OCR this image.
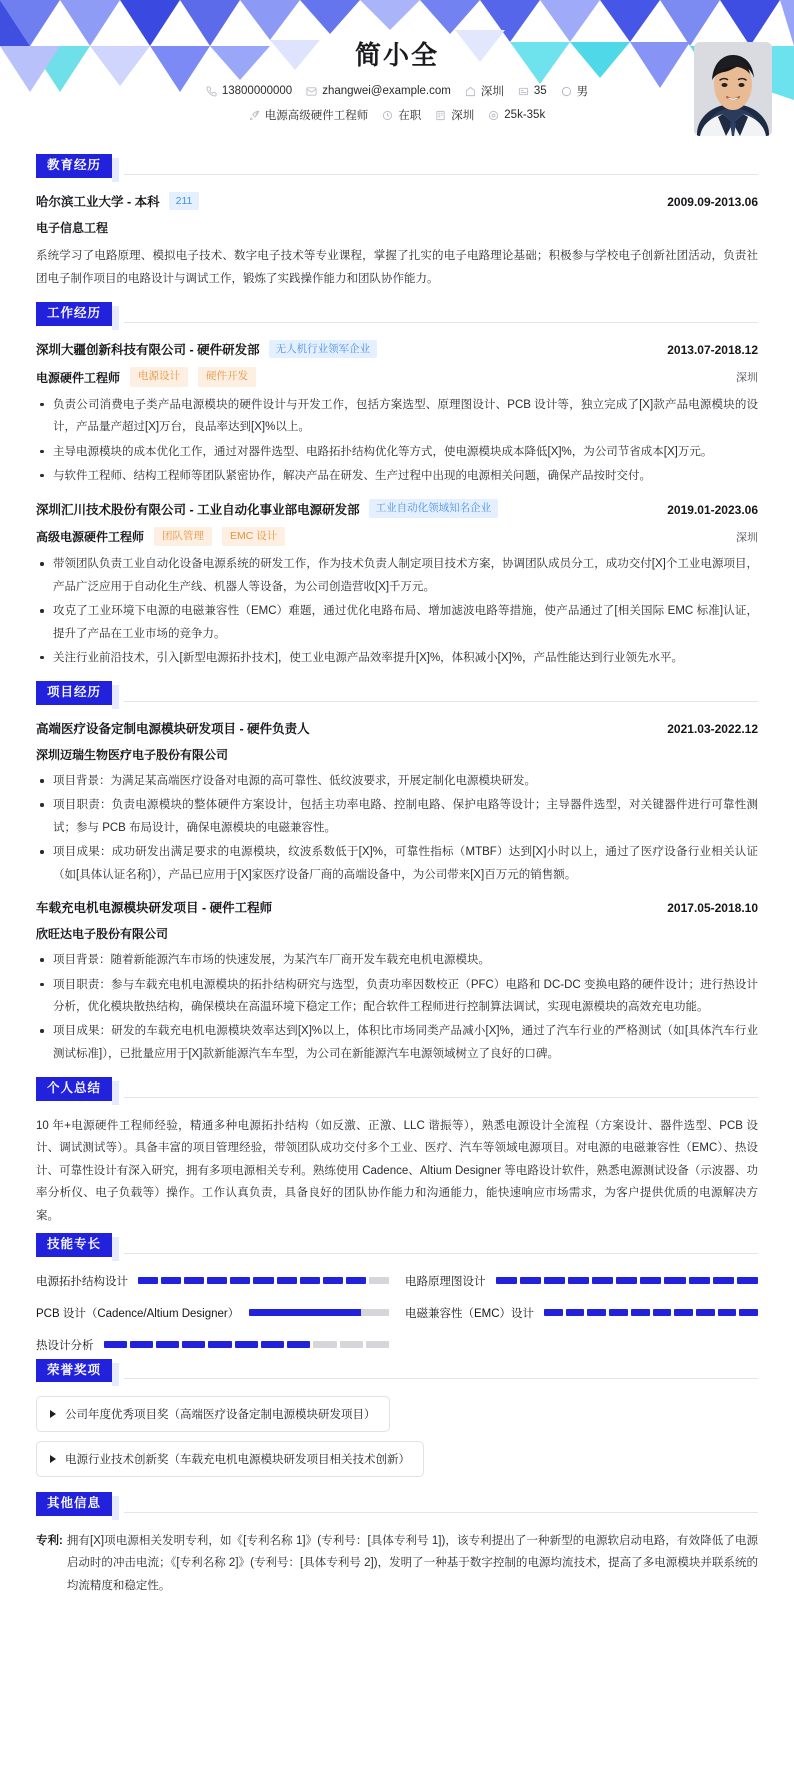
简小全
13800000000	zhangwei@example.com	深圳	35	男
电源高级硬件工程师	在职	深圳	25k-35k
教育经历
哈尔滨工业大学 - 本科	211	2009.09-2013.06
电子信息工程
系统学习了电路原理、模拟电子技术、数字电子技术等专业课程，掌握了扎实的电子电路理论基础；积极参与学校电子创新社团活动，负责社团电子制作项目的电路设计与调试工作，锻炼了实践操作能力和团队协作能力。
工作经历
深圳大疆创新科技有限公司 - 硬件研发部	无人机行业领军企业	2013.07-2018.12
电源硬件工程师	电源设计	硬件开发	深圳
负责公司消费电子类产品电源模块的硬件设计与开发工作，包括方案选型、原理图设计、PCB 设计等，独立完成了[X]款产品电源模块的设计，产品量产超过[X]万台，良品率达到[X]%以上。
主导电源模块的成本优化工作，通过对器件选型、电路拓扑结构优化等方式，使电源模块成本降低[X]%，为公司节省成本[X]万元。
与软件工程师、结构工程师等团队紧密协作，解决产品在研发、生产过程中出现的电源相关问题，确保产品按时交付。
深圳汇川技术股份有限公司 - 工业自动化事业部电源研发部	工业自动化领域知名企业	2019.01-2023.06
高级电源硬件工程师	团队管理	EMC 设计	深圳
带领团队负责工业自动化设备电源系统的研发工作，作为技术负责人制定项目技术方案，协调团队成员分工，成功交付[X]个工业电源项目，产品广泛应用于自动化生产线、机器人等设备，为公司创造营收[X]千万元。
攻克了工业环境下电源的电磁兼容性（EMC）难题，通过优化电路布局、增加滤波电路等措施，使产品通过了[相关国际 EMC 标准]认证，提升了产品在工业市场的竞争力。
关注行业前沿技术，引入[新型电源拓扑技术]，使工业电源产品效率提升[X]%，体积减小[X]%，产品性能达到行业领先水平。
项目经历
高端医疗设备定制电源模块研发项目 - 硬件负责人	2021.03-2022.12
深圳迈瑞生物医疗电子股份有限公司
项目背景：为满足某高端医疗设备对电源的高可靠性、低纹波要求，开展定制化电源模块研发。
项目职责：负责电源模块的整体硬件方案设计，包括主功率电路、控制电路、保护电路等设计；主导器件选型，对关键器件进行可靠性测试；参与 PCB 布局设计，确保电源模块的电磁兼容性。
项目成果：成功研发出满足要求的电源模块，纹波系数低于[X]%，可靠性指标（MTBF）达到[X]小时以上，通过了医疗设备行业相关认证（如[具体认证名称]），产品已应用于[X]家医疗设备厂商的高端设备中，为公司带来[X]百万元的销售额。
车载充电机电源模块研发项目 - 硬件工程师	2017.05-2018.10
欣旺达电子股份有限公司
项目背景：随着新能源汽车市场的快速发展，为某汽车厂商开发车载充电机电源模块。
项目职责：参与车载充电机电源模块的拓扑结构研究与选型，负责功率因数校正（PFC）电路和 DC-DC 变换电路的硬件设计；进行热设计分析，优化模块散热结构，确保模块在高温环境下稳定工作；配合软件工程师进行控制算法调试，实现电源模块的高效充电功能。
项目成果：研发的车载充电机电源模块效率达到[X]%以上，体积比市场同类产品减小[X]%，通过了汽车行业的严格测试（如[具体汽车行业测试标准]），已批量应用于[X]款新能源汽车车型，为公司在新能源汽车电源领域树立了良好的口碑。
个人总结
10 年+电源硬件工程师经验，精通多种电源拓扑结构（如反激、正激、LLC 谐振等），熟悉电源设计全流程（方案设计、器件选型、PCB 设计、调试测试等）。具备丰富的项目管理经验，带领团队成功交付多个工业、医疗、汽车等领域电源项目。对电源的电磁兼容性（EMC）、热设计、可靠性设计有深入研究，拥有多项电源相关专利。熟练使用 Cadence、Altium Designer 等电路设计软件，熟悉电源测试设备（示波器、功率分析仪、电子负载等）操作。工作认真负责，具备良好的团队协作能力和沟通能力，能快速响应市场需求，为客户提供优质的电源解决方案。
技能专长
电源拓扑结构设计	电路原理图设计
PCB 设计（Cadence/Altium Designer）	电磁兼容性（EMC）设计
热设计分析
荣誉奖项
公司年度优秀项目奖（高端医疗设备定制电源模块研发项目）
电源行业技术创新奖（车载充电机电源模块研发项目相关技术创新）
其他信息
专利: 拥有[X]项电源相关发明专利，如《[专利名称 1]》(专利号：[具体专利号 1])，该专利提出了一种新型的电源软启动电路，有效降低了电源启动时的冲击电流；《[专利名称 2]》(专利号：[具体专利号 2])，发明了一种基于数字控制的电源均流技术，提高了多电源模块并联系统的均流精度和稳定性。
